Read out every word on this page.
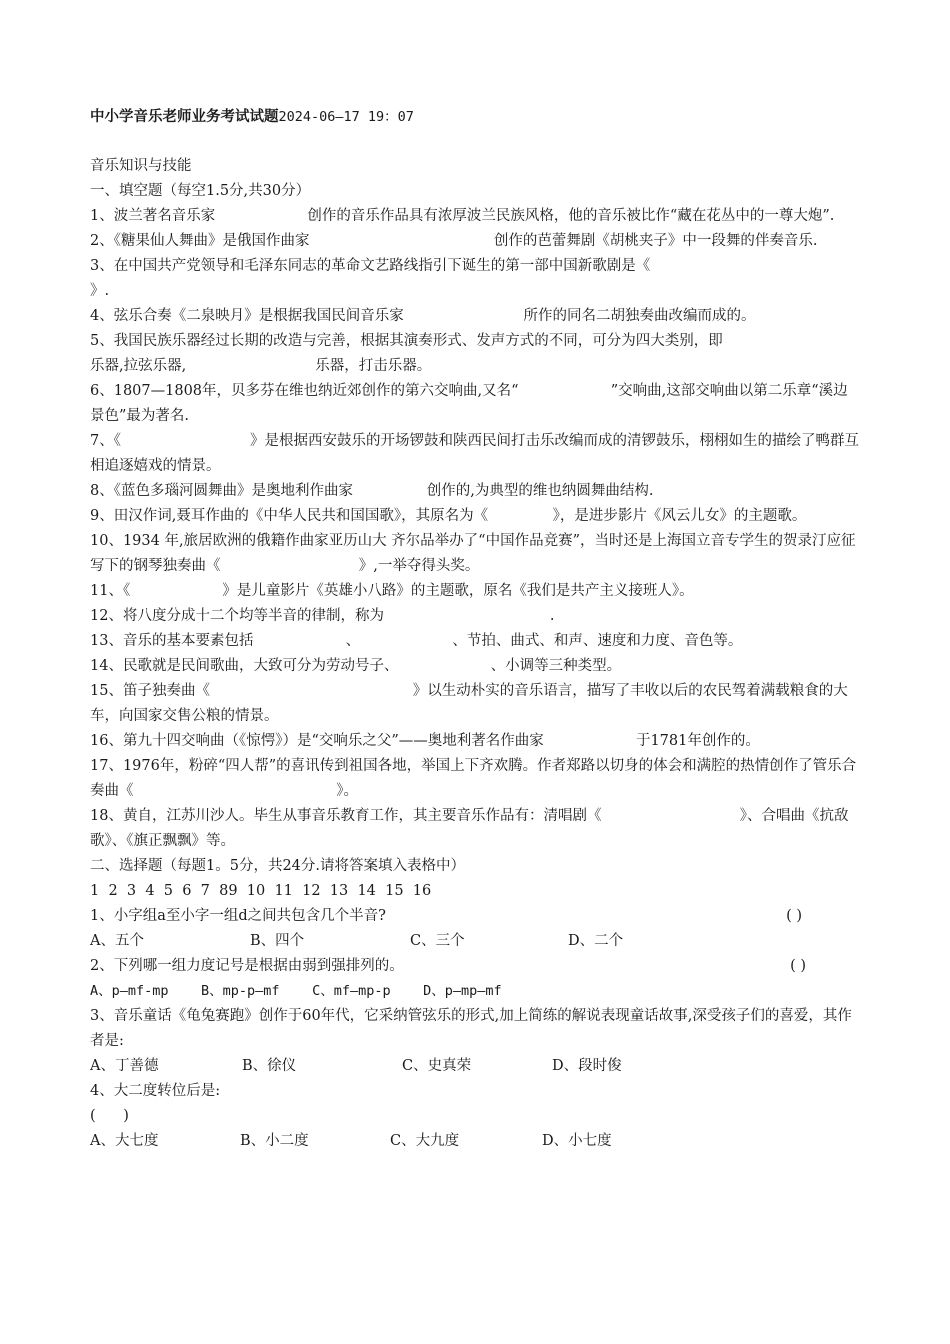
中小学音乐老师业务考试试题2024-06—17 19：07
音乐知识与技能
一、填空题（每空1.5分,共30分）
1、波兰著名音乐家                    创作的音乐作品具有浓厚波兰民族风格，他的音乐被比作“藏在花丛中的一尊大炮”.
2、《糖果仙人舞曲》是俄国作曲家                                        创作的芭蕾舞剧《胡桃夹子》中一段舞的伴奏音乐.
3、在中国共产党领导和毛泽东同志的革命文艺路线指引下诞生的第一部中国新歌剧是《
》.
4、弦乐合奏《二泉映月》是根据我国民间音乐家                          所作的同名二胡独奏曲改编而成的。
5、我国民族乐器经过长期的改造与完善，根据其演奏形式、发声方式的不同，可分为四大类别，即
乐器,拉弦乐器,                            乐器，打击乐器。
6、1807—1808年，贝多芬在维也纳近郊创作的第六交响曲,又名“                    ”交响曲,这部交响曲以第二乐章“溪边景色”最为著名.
7、《                            》是根据西安鼓乐的开场锣鼓和陕西民间打击乐改编而成的清锣鼓乐，栩栩如生的描绘了鸭群互相追逐嬉戏的情景。
8、《蓝色多瑙河圆舞曲》是奥地利作曲家                创作的,为典型的维也纳圆舞曲结构.
9、田汉作词,聂耳作曲的《中华人民共和国国歌》，其原名为《              》，是进步影片《风云儿女》的主题歌。
10、1934 年,旅居欧洲的俄籍作曲家亚历山大 齐尔品举办了“中国作品竞赛”，当时还是上海国立音专学生的贺录汀应征写下的钢琴独奏曲《                              》,一举夺得头奖。
11、《                    》是儿童影片《英雄小八路》的主题歌，原名《我们是共产主义接班人》。
12、将八度分成十二个均等半音的律制，称为                                    .
13、音乐的基本要素包括                    、                    、节拍、曲式、和声、速度和力度、音色等。
14、民歌就是民间歌曲，大致可分为劳动号子、                    、小调等三种类型。
15、笛子独奏曲《                                            》以生动朴实的音乐语言，描写了丰收以后的农民驾着满载粮食的大车，向国家交售公粮的情景。
16、第九十四交响曲（《惊愕》）是“交响乐之父”——奥地利著名作曲家                    于1781年创作的。
17、1976年，粉碎“四人帮”的喜讯传到祖国各地，举国上下齐欢腾。作者郑路以切身的体会和满腔的热情创作了管乐合奏曲《                                            》。
18、黄自，江苏川沙人。毕生从事音乐教育工作，其主要音乐作品有：清唱剧《                              》、合唱曲《抗敌歌》、《旗正飘飘》等。
二、选择题（每题1。5分，共24分.请将答案填入表格中）
1  2  3  4  5  6  7  89  10  11  12  13  14  15  16
1、小字组a至小字一组d之间共包含几个半音?	( )
A、五个	B、四个	C、三个	D、二个
2、下列哪一组力度记号是根据由弱到强排列的。	( )
A、p—mf-mp    B、mp-p—mf    C、mf—mp-p    D、p—mp—mf
3、音乐童话《龟兔赛跑》创作于60年代，它采纳管弦乐的形式,加上简练的解说表现童话故事,深受孩子们的喜爱，其作者是:
A、丁善德	B、徐仪	C、史真荣	D、段时俊
4、大二度转位后是:
(      )
A、大七度	B、小二度	C、大九度	D、小七度
